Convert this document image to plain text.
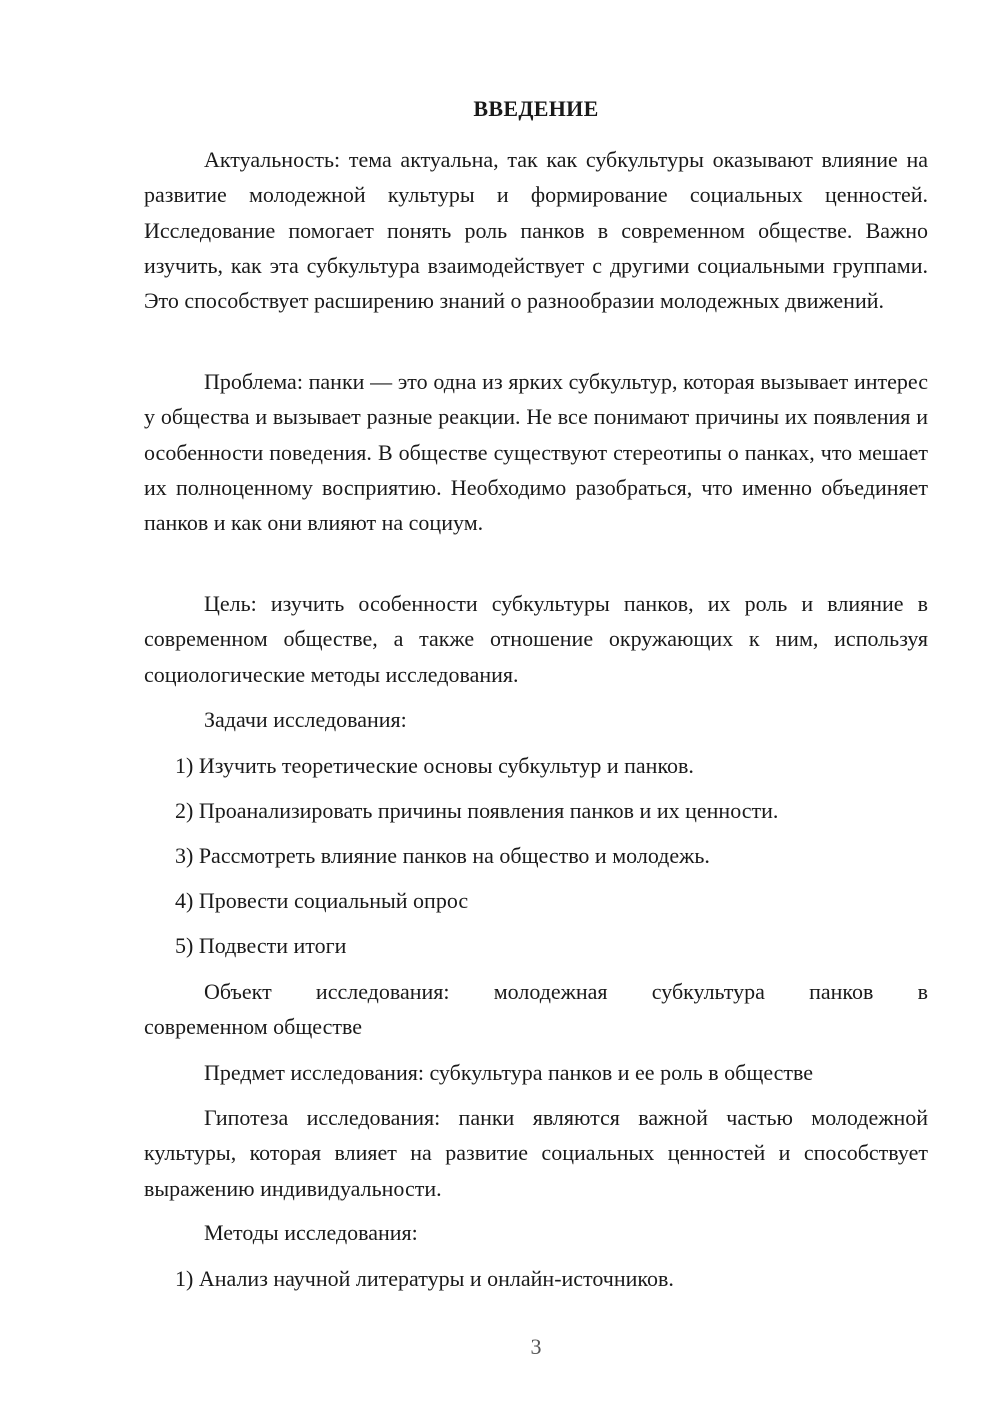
ВВЕДЕНИЕ

Актуальность: тема актуальна, так как субкультуры оказывают влияние на развитие молодежной культуры и формирование социальных ценностей. Исследование помогает понять роль панков в современном обществе. Важно изучить, как эта субкультура взаимодействует с другими социальными группами. Это способствует расширению знаний о разнообразии молодежных движений.

Проблема: панки — это одна из ярких субкультур, которая вызывает интерес у общества и вызывает разные реакции. Не все понимают причины их появления и особенности поведения. В обществе существуют стереотипы о панках, что мешает их полноценному восприятию. Необходимо разобраться, что именно объединяет панков и как они влияют на социум.

Цель: изучить особенности субкультуры панков, их роль и влияние в современном обществе, а также отношение окружающих к ним, используя социологические методы исследования.

Задачи исследования:
1) Изучить теоретические основы субкультур и панков.
2) Проанализировать причины появления панков и их ценности.
3) Рассмотреть влияние панков на общество и молодежь.
4) Провести социальный опрос
5) Подвести итоги
Объект исследования: молодежная субкультура панков в
современном обществе
Предмет исследования: субкультура панков и ее роль в обществе

Гипотеза исследования: панки являются важной частью молодежной культуры, которая влияет на развитие социальных ценностей и способствует выражению индивидуальности.

Методы исследования:
1) Анализ научной литературы и онлайн-источников.
3
